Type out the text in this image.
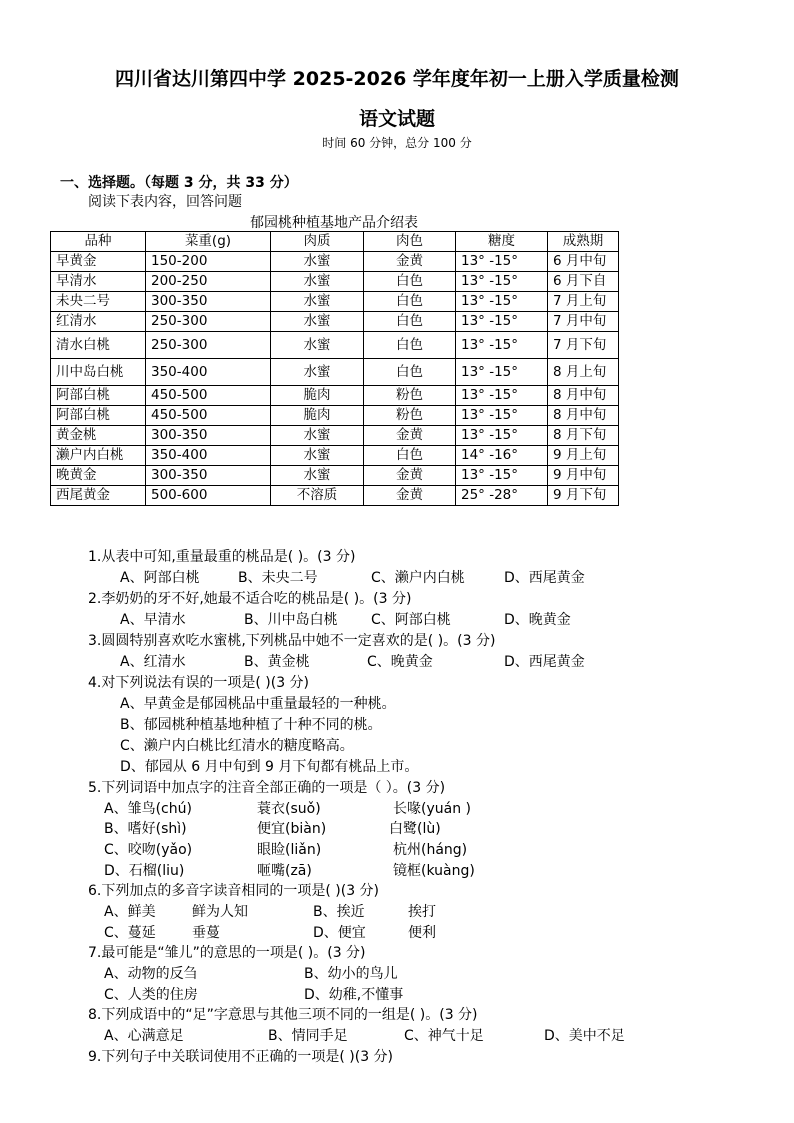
四川省达川第四中学 2025-2026 学年度年初一上册入学质量检测
语文试题
时间 60 分钟，总分 100 分
一、选择题。（每题 3 分，共 33 分）
阅读下表内容，回答问题
郁园桃种植基地产品介绍表
品种	菜重(g)	肉质	肉色	糖度	成熟期
早黄金	150-200	水蜜	金黄	13° -15°	6 月中旬
早清水	200-250	水蜜	白色	13° -15°	6 月下自
未央二号	300-350	水蜜	白色	13° -15°	7 月上旬
红清水	250-300	水蜜	白色	13° -15°	7 月中旬
清水白桃	250-300	水蜜	白色	13° -15°	7 月下旬
川中岛白桃	350-400	水蜜	白色	13° -15°	8 月上旬
阿部白桃	450-500	脆肉	粉色	13° -15°	8 月中旬
阿部白桃	450-500	脆肉	粉色	13° -15°	8 月中旬
黄金桃	300-350	水蜜	金黄	13° -15°	8 月下旬
濑户内白桃	350-400	水蜜	白色	14° -16°	9 月上旬
晚黄金	300-350	水蜜	金黄	13° -15°	9 月中旬
西尾黄金	500-600	不溶质	金黄	25° -28°	9 月下旬
1.从表中可知,重量最重的桃品是( )。(3 分)
A、阿部白桃	B、未央二号	C、濑户内白桃	D、西尾黄金
2.李奶奶的牙不好,她最不适合吃的桃品是( )。(3 分)
A、早清水	B、川中岛白桃 C、阿部白桃	D、晚黄金
3.圆圆特别喜欢吃水蜜桃,下列桃品中她不一定喜欢的是( )。(3 分)
A、红清水	B、黄金桃	C、晚黄金	D、西尾黄金
4.对下列说法有误的一项是( )(3 分)
A、早黄金是郁园桃品中重量最轻的一种桃。
B、郁园桃种植基地种植了十种不同的桃。
C、濑户内白桃比红清水的糖度略高。
D、郁园从 6 月中旬到 9 月下旬都有桃品上市。
5.下列词语中加点字的注音全部正确的一项是（ ）。(3 分)
A、雏鸟(chú)	蓑衣(suǒ)	长喙(yuán )
B、嗜好(shì)	便宜(biàn)	白鹭(lù)
C、咬吻(yǎo)	眼睑(liǎn)	杭州(háng)
D、石榴(liu)	咂嘴(zā)	镜框(kuàng)
6.下列加点的多音字读音相同的一项是( )(3 分)
A、鲜美	鲜为人知	B、挨近	挨打
C、蔓延	垂蔓	D、便宜	便利
7.最可能是“雏儿”的意思的一项是( )。(3 分)
A、动物的反刍	B、幼小的鸟儿
C、人类的住房	D、幼稚,不懂事
8.下列成语中的“足”字意思与其他三项不同的一组是( )。(3 分)
A、心满意足	B、情同手足	C、神气十足	D、美中不足
9.下列句子中关联词使用不正确的一项是( )(3 分)
